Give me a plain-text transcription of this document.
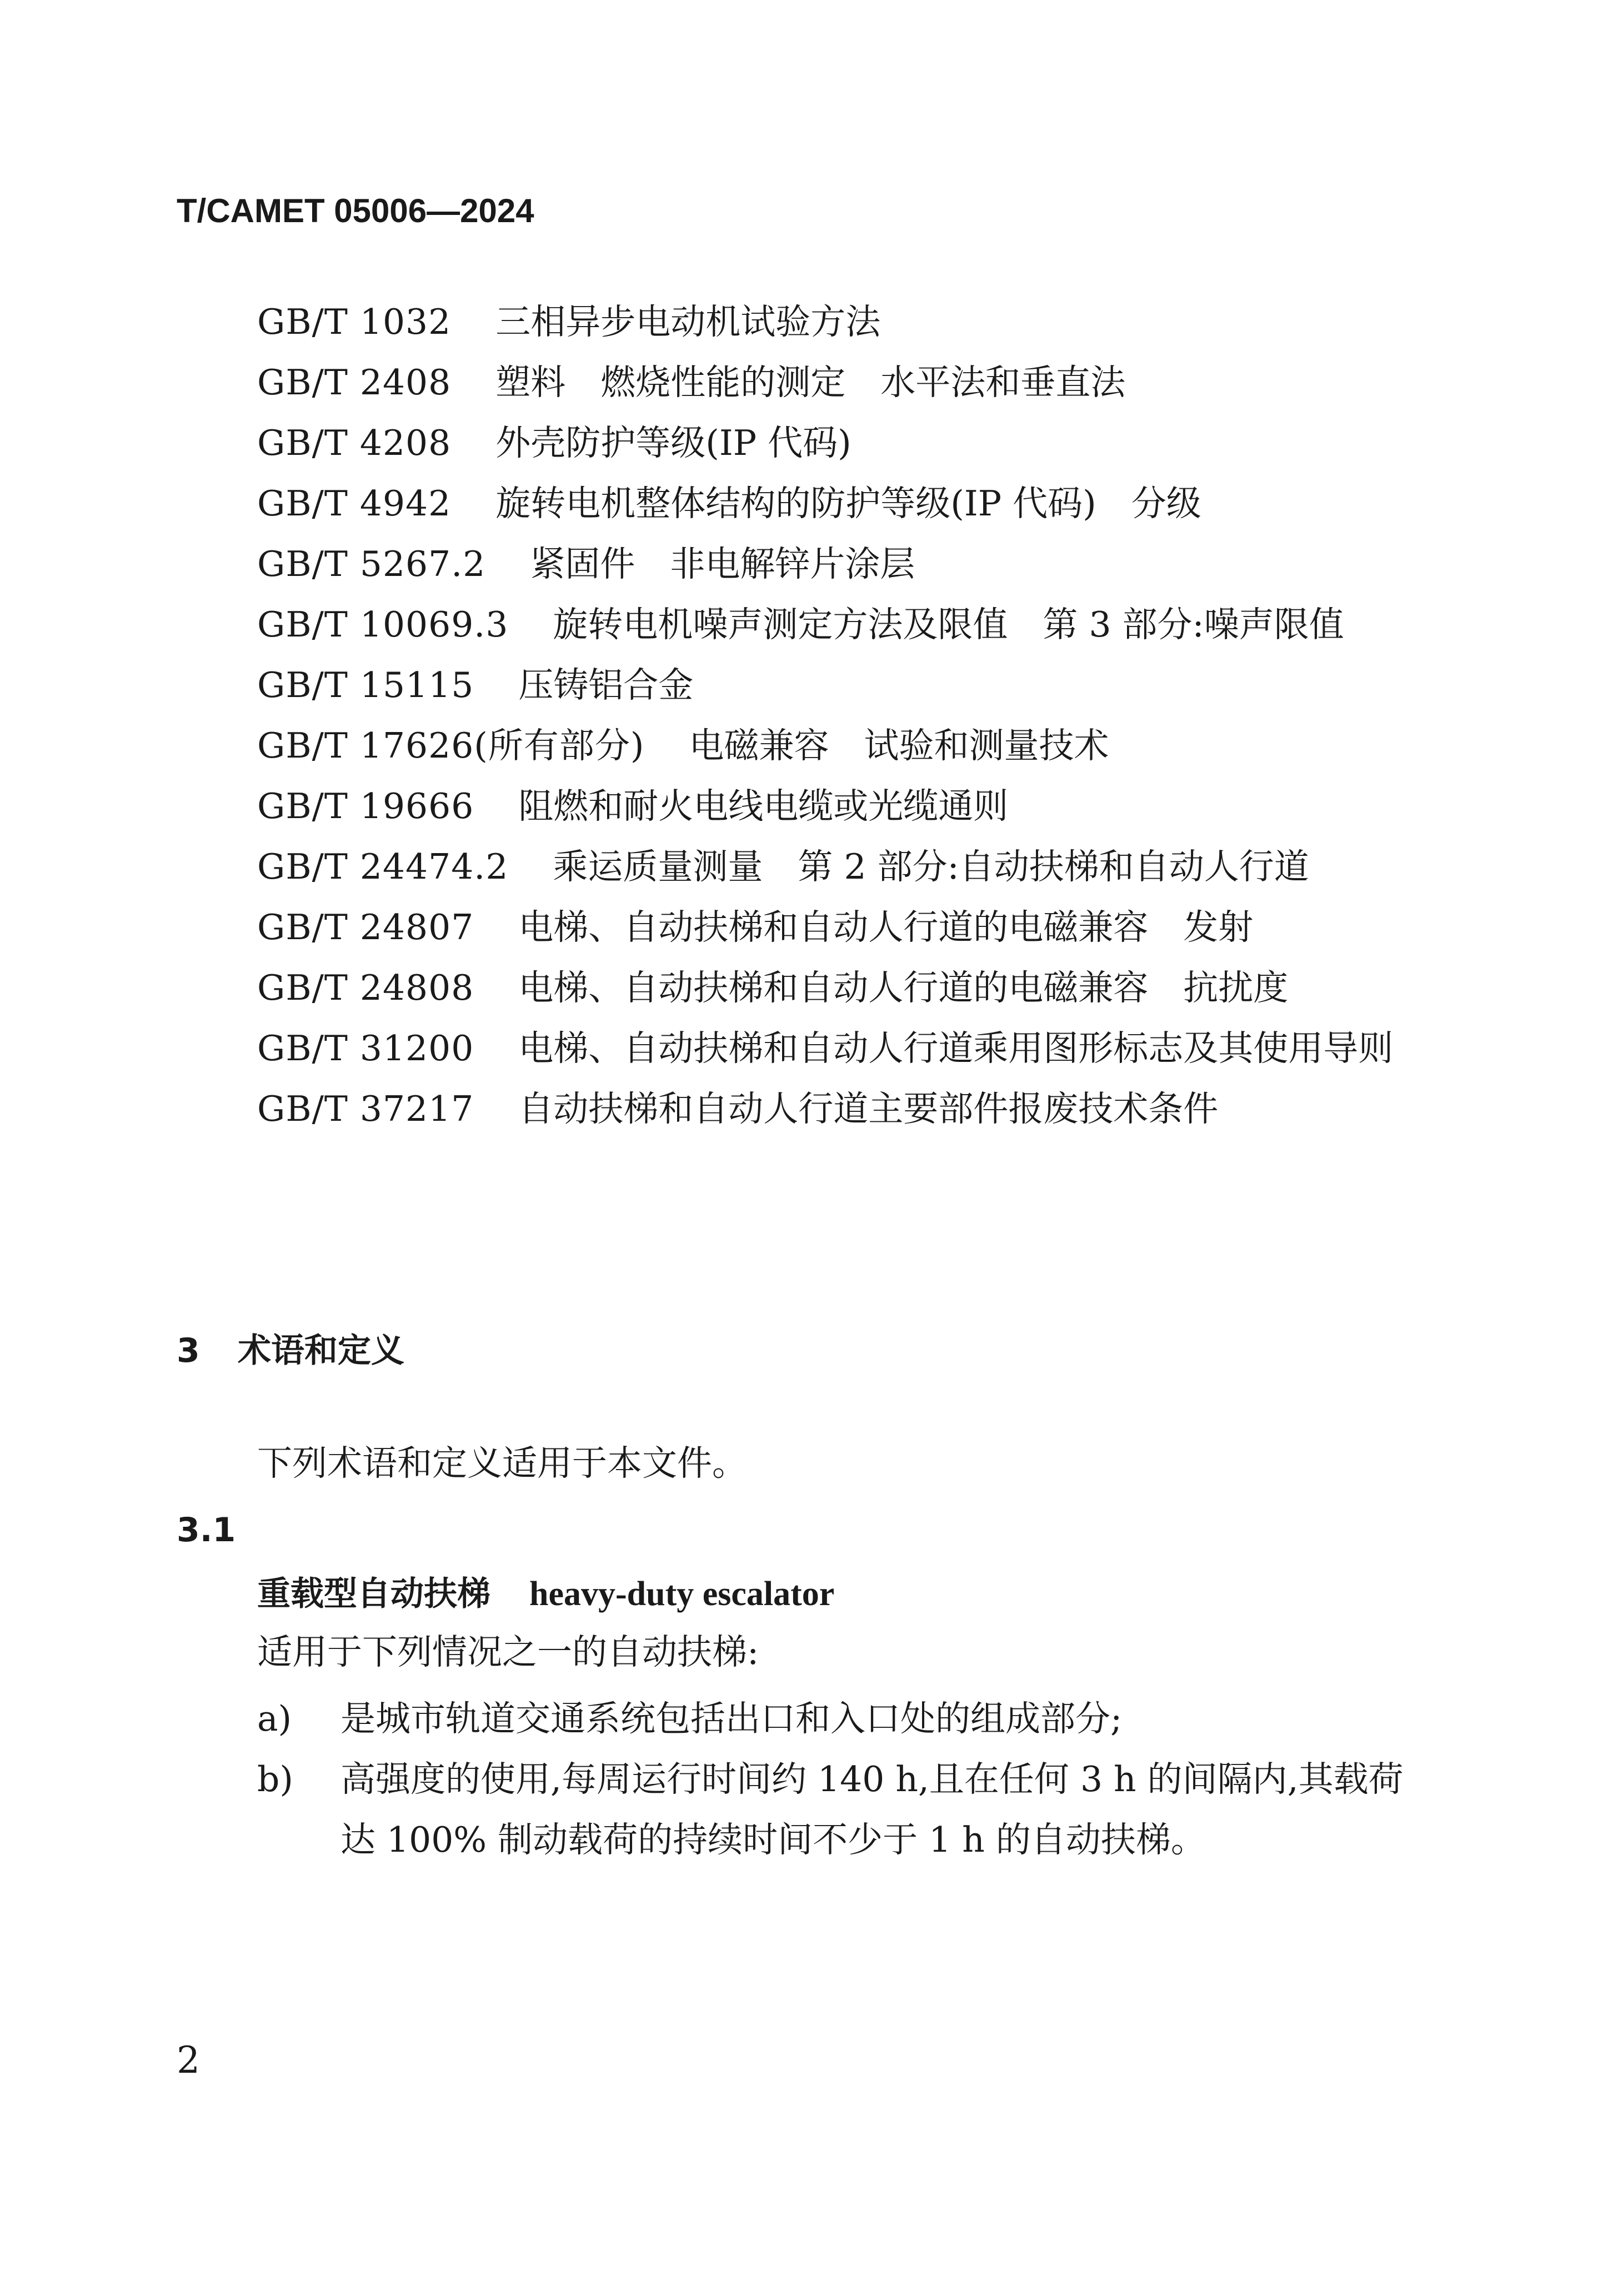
T/CAMET 05006—2024

GB/T 1032 三相异步电动机试验方法

GB/T 2408 塑料　燃烧性能的测定　水平法和垂直法

GB/T 4208 外壳防护等级(IP 代码)

GB/T 4942 旋转电机整体结构的防护等级(IP 代码)　分级

GB/T 5267.2 紧固件　非电解锌片涂层

GB/T 10069.3 旋转电机噪声测定方法及限值　第 3 部分:噪声限值

GB/T 15115 压铸铝合金

GB/T 17626(所有部分) 电磁兼容　试验和测量技术

GB/T 19666 阻燃和耐火电线电缆或光缆通则

GB/T 24474.2 乘运质量测量　第 2 部分:自动扶梯和自动人行道

GB/T 24807 电梯、自动扶梯和自动人行道的电磁兼容　发射

GB/T 24808 电梯、自动扶梯和自动人行道的电磁兼容　抗扰度

GB/T 31200 电梯、自动扶梯和自动人行道乘用图形标志及其使用导则

GB/T 37217 自动扶梯和自动人行道主要部件报废技术条件

3 术语和定义
下列术语和定义适用于本文件。
3.1
重载型自动扶梯 heavy-duty escalator
适用于下列情况之一的自动扶梯:
a)	是城市轨道交通系统包括出口和入口处的组成部分;
b)	高强度的使用,每周运行时间约 140 h,且在任何 3 h 的间隔内,其载荷达 100% 制动载荷的持续时间不少于 1 h 的自动扶梯。
2
